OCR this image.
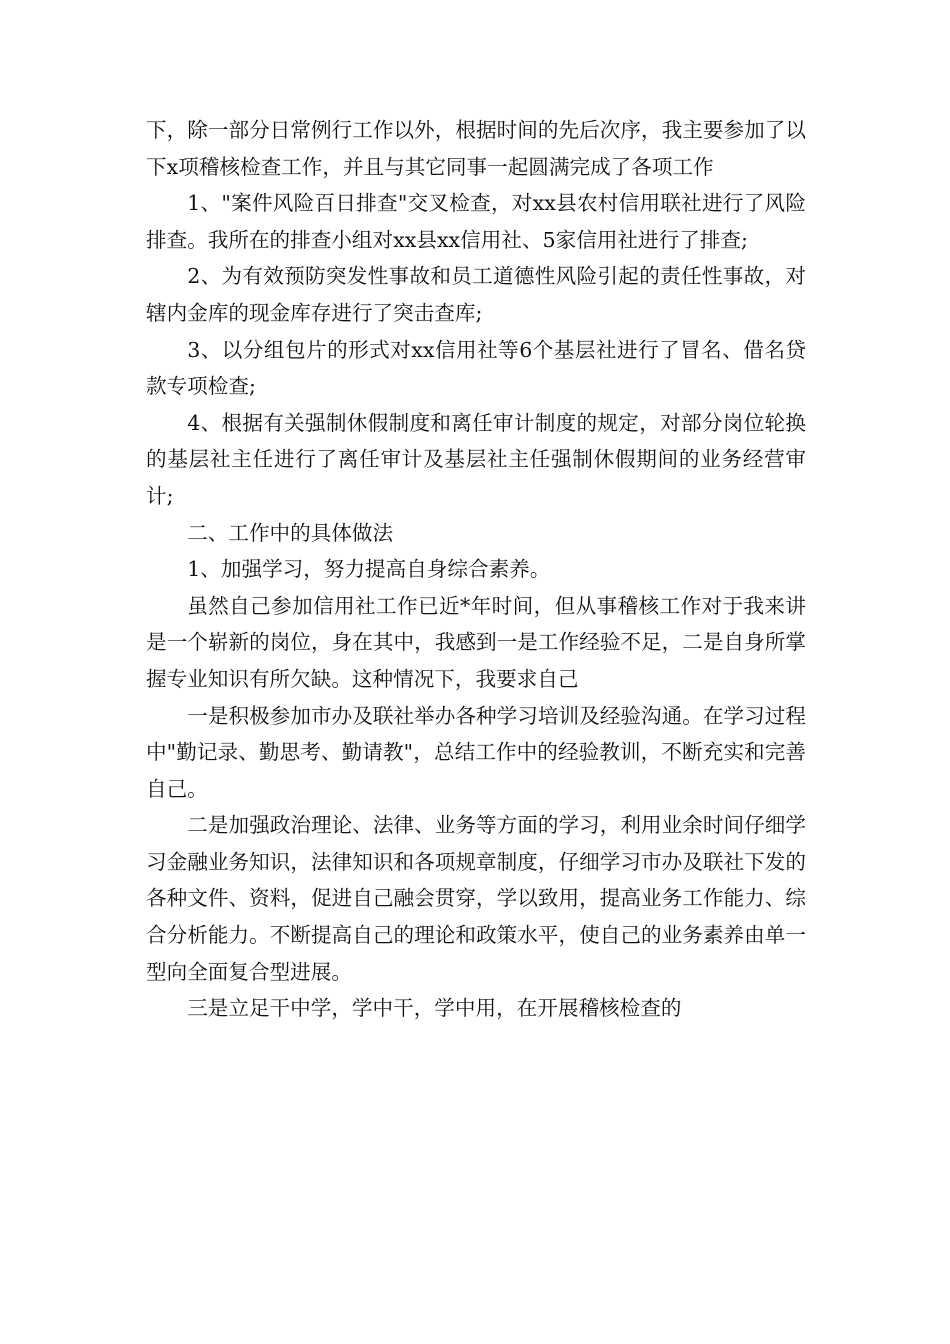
下，除一部分日常例行工作以外，根据时间的先后次序，我主要参加了以下x项稽核检查工作，并且与其它同事一起圆满完成了各项工作

1、"案件风险百日排查"交叉检查，对xx县农村信用联社进行了风险排查。我所在的排查小组对xx县xx信用社、5家信用社进行了排查;

2、为有效预防突发性事故和员工道德性风险引起的责任性事故，对辖内金库的现金库存进行了突击查库;

3、以分组包片的形式对xx信用社等6个基层社进行了冒名、借名贷款专项检查;

4、根据有关强制休假制度和离任审计制度的规定，对部分岗位轮换的基层社主任进行了离任审计及基层社主任强制休假期间的业务经营审计;

二、工作中的具体做法

1、加强学习，努力提高自身综合素养。

虽然自己参加信用社工作已近*年时间，但从事稽核工作对于我来讲是一个崭新的岗位，身在其中，我感到一是工作经验不足，二是自身所掌握专业知识有所欠缺。这种情况下，我要求自己

一是积极参加市办及联社举办各种学习培训及经验沟通。在学习过程中"勤记录、勤思考、勤请教"，总结工作中的经验教训，不断充实和完善自己。

二是加强政治理论、法律、业务等方面的学习，利用业余时间仔细学习金融业务知识，法律知识和各项规章制度，仔细学习市办及联社下发的各种文件、资料，促进自己融会贯穿，学以致用，提高业务工作能力、综合分析能力。不断提高自己的理论和政策水平，使自己的业务素养由单一型向全面复合型进展。

三是立足干中学，学中干，学中用，在开展稽核检查的
